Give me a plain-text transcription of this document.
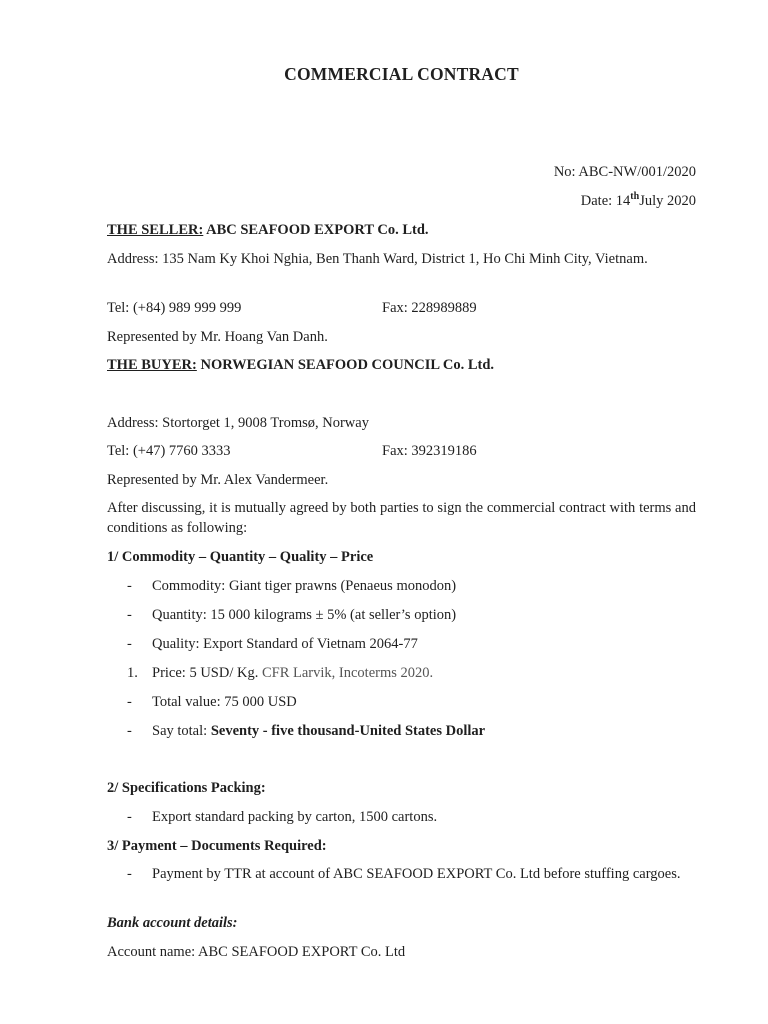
COMMERCIAL CONTRACT
No: ABC-NW/001/2020
Date: 14thJuly 2020
THE SELLER: ABC SEAFOOD EXPORT Co. Ltd.
Address: 135 Nam Ky Khoi Nghia, Ben Thanh Ward, District 1, Ho Chi Minh City, Vietnam.
Tel: (+84) 989 999 999	Fax: 228989889
Represented by Mr. Hoang Van Danh.
THE BUYER: NORWEGIAN SEAFOOD COUNCIL Co. Ltd.
Address: Stortorget 1, 9008 Tromsø, Norway
Tel: (+47) 7760 3333	Fax: 392319186
Represented by Mr. Alex Vandermeer.
After discussing, it is mutually agreed by both parties to sign the commercial contract with terms and conditions as following:
1/ Commodity – Quantity – Quality – Price
- Commodity: Giant tiger prawns (Penaeus monodon)
- Quantity: 15 000 kilograms ± 5% (at seller’s option)
- Quality: Export Standard of Vietnam 2064-77
1. Price: 5 USD/ Kg. CFR Larvik, Incoterms 2020.
- Total value: 75 000 USD
- Say total: Seventy - five thousand-United States Dollar
2/ Specifications Packing:
- Export standard packing by carton, 1500 cartons.
3/ Payment – Documents Required:
- Payment by TTR at account of ABC SEAFOOD EXPORT Co. Ltd before stuffing cargoes.
Bank account details:
Account name: ABC SEAFOOD EXPORT Co. Ltd
